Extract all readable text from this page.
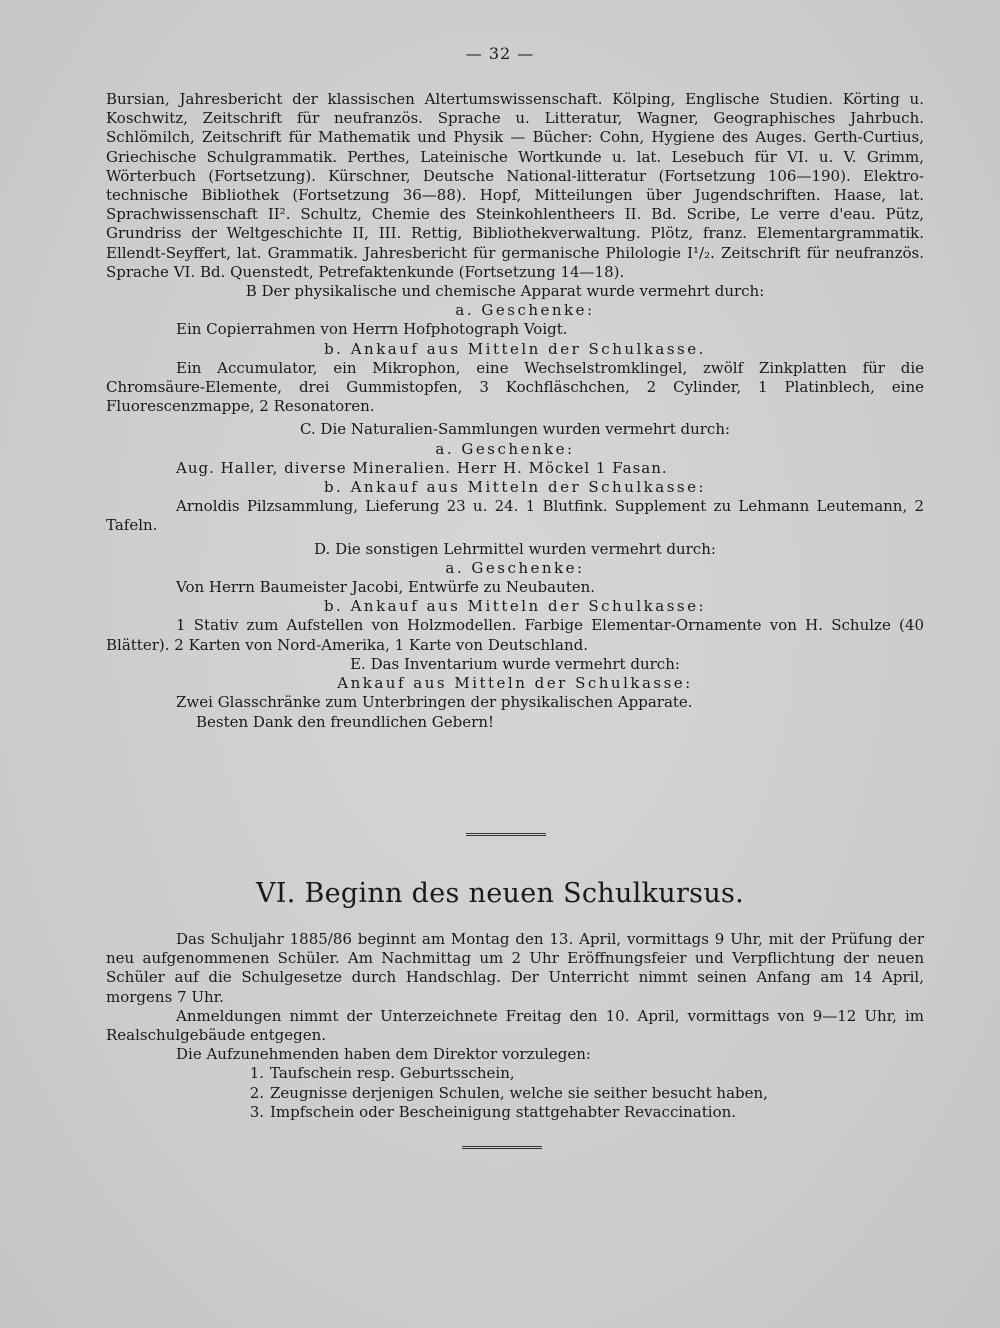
— 32 —

Bursian, Jahresbericht der klassischen Altertumswissenschaft. Kölping, Englische Studien. Körting u. Koschwitz, Zeitschrift für neufranzös. Sprache u. Litteratur, Wagner, Geographisches Jahrbuch. Schlömilch, Zeitschrift für Mathematik und Physik — Bücher: Cohn, Hygiene des Auges. Gerth-Curtius, Griechische Schulgrammatik. Perthes, Lateinische Wortkunde u. lat. Lesebuch für VI. u. V. Grimm, Wörterbuch (Fortsetzung). Kürschner, Deutsche National-litteratur (Fortsetzung 106—190). Elektro-technische Bibliothek (Fortsetzung 36—88). Hopf, Mitteilungen über Jugendschriften. Haase, lat. Sprachwissenschaft II². Schultz, Chemie des Steinkohlentheers II. Bd. Scribe, Le verre d'eau. Pütz, Grundriss der Weltgeschichte II, III. Rettig, Bibliothekverwaltung. Plötz, franz. Elementargrammatik. Ellendt-Seyffert, lat. Grammatik. Jahresbericht für germanische Philologie I¹/₂. Zeitschrift für neufranzös. Sprache VI. Bd. Quenstedt, Petrefaktenkunde (Fortsetzung 14—18).

B Der physikalische und chemische Apparat wurde vermehrt durch:

a. Geschenke:

Ein Copierrahmen von Herrn Hofphotograph Voigt.

b. Ankauf aus Mitteln der Schulkasse.

Ein Accumulator, ein Mikrophon, eine Wechselstromklingel, zwölf Zinkplatten für die Chromsäure-Elemente, drei Gummistopfen, 3 Kochfläschchen, 2 Cylinder, 1 Platinblech, eine Fluorescenzmappe, 2 Resonatoren.

C. Die Naturalien-Sammlungen wurden vermehrt durch:

a. Geschenke:

Aug. Haller, diverse Mineralien. Herr H. Möckel 1 Fasan.

b. Ankauf aus Mitteln der Schulkasse:

Arnoldis Pilzsammlung, Lieferung 23 u. 24. 1 Blutfink. Supplement zu Lehmann Leutemann, 2 Tafeln.

D. Die sonstigen Lehrmittel wurden vermehrt durch:

a. Geschenke:

Von Herrn Baumeister Jacobi, Entwürfe zu Neubauten.

b. Ankauf aus Mitteln der Schulkasse:

1 Stativ zum Aufstellen von Holzmodellen. Farbige Elementar-Ornamente von H. Schulze (40 Blätter). 2 Karten von Nord-Amerika, 1 Karte von Deutschland.

E. Das Inventarium wurde vermehrt durch:

Ankauf aus Mitteln der Schulkasse:

Zwei Glasschränke zum Unterbringen der physikalischen Apparate.

Besten Dank den freundlichen Gebern!

VI. Beginn des neuen Schulkursus.

Das Schuljahr 1885/86 beginnt am Montag den 13. April, vormittags 9 Uhr, mit der Prüfung der neu aufgenommenen Schüler. Am Nachmittag um 2 Uhr Eröffnungsfeier und Verpflichtung der neuen Schüler auf die Schulgesetze durch Handschlag. Der Unterricht nimmt seinen Anfang am 14 April, morgens 7 Uhr.

Anmeldungen nimmt der Unterzeichnete Freitag den 10. April, vormittags von 9—12 Uhr, im Realschulgebäude entgegen.

Die Aufzunehmenden haben dem Direktor vorzulegen:

1. Taufschein resp. Geburtsschein,
2. Zeugnisse derjenigen Schulen, welche sie seither besucht haben,
3. Impfschein oder Bescheinigung stattgehabter Revaccination.
